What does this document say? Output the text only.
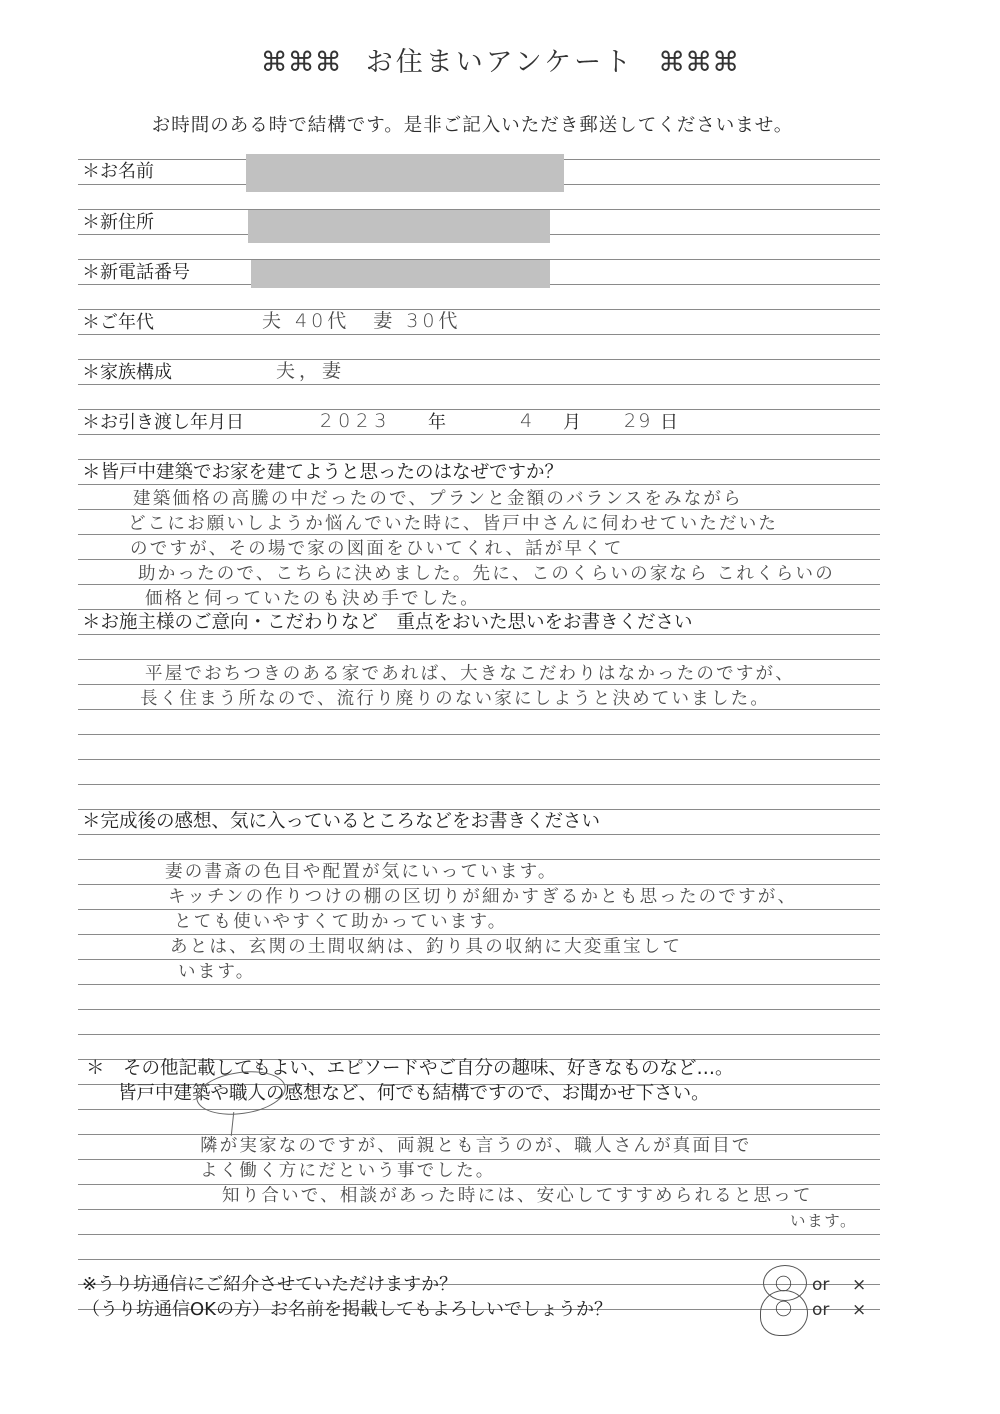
⌘⌘⌘ お住まいアンケート ⌘⌘⌘
お時間のある時で結構です。是非ご記入いただき郵送してくださいませ。
＊お名前
＊新住所
＊新電話番号
＊ご年代	夫 40代　妻 30代
＊家族構成	夫，妻
＊お引き渡し年月日	2023 年	4 月 29 日
＊皆戸中建築でお家を建てようと思ったのはなぜですか？
建築価格の高騰の中だったので、プランと金額のバランスをみながら
どこにお願いしようか悩んでいた時に、皆戸中さんに伺わせていただいた
のですが、その場で家の図面をひいてくれ、話が早くて
助かったので、こちらに決めました。先に、このくらいの家なら これくらいの
価格と伺っていたのも決め手でした。
＊お施主様のご意向・こだわりなど　重点をおいた思いをお書きください
平屋でおちつきのある家であれば、大きなこだわりはなかったのですが、
長く住まう所なので、流行り廃りのない家にしようと決めていました。
＊完成後の感想、気に入っているところなどをお書きください
妻の書斎の色目や配置が気にいっています。
キッチンの作りつけの棚の区切りが細かすぎるかとも思ったのですが、
とても使いやすくて助かっています。
あとは、玄関の土間収納は、釣り具の収納に大変重宝して
います。
＊　その他記載してもよい、エピソードやご自分の趣味、好きなものなど…。
皆戸中建築や職人の感想など、何でも結構ですので、お聞かせ下さい。
隣が実家なのですが、両親とも言うのが、職人さんが真面目で
よく働く方にだという事でした。
知り合いで、相談があった時には、安心してすすめられると思って
います。
※うり坊通信にご紹介させていただけますか？	〇 or ×
（うり坊通信OKの方）お名前を掲載してもよろしいでしょうか？	〇 or ×
